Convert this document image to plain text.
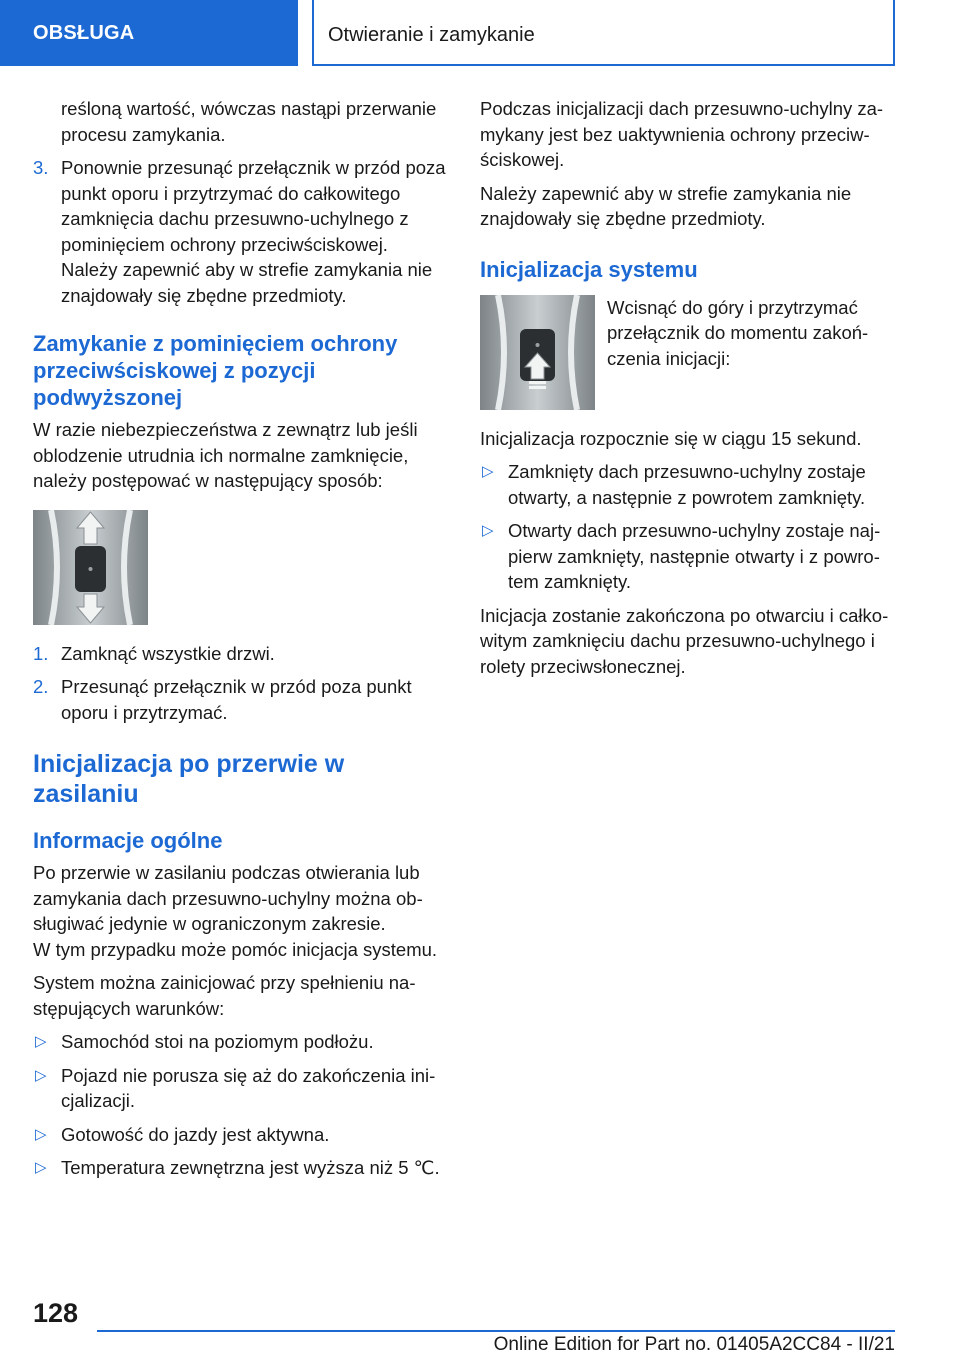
OBSŁUGA	Otwieranie i zamykanie

reśloną wartość, wówczas nastąpi przerwanie procesu zamykania.

3. Ponownie przesunąć przełącznik w przód poza punkt oporu i przytrzymać do całkowitego zamknięcia dachu przesuwno-uchylnego z pominięciem ochrony przeciwściskowej. Należy zapewnić aby w strefie zamykania nie znajdowały się zbędne przedmioty.
Zamykanie z pominięciem ochrony przeciwściskowej z pozycji podwyższonej

W razie niebezpieczeństwa z zewnątrz lub jeśli oblodzenie utrudnia ich normalne zamknięcie, należy postępować w następujący sposób:

1. Zamknąć wszystkie drzwi.
2. Przesunąć przełącznik w przód poza punkt oporu i przytrzymać.
Inicjalizacja po przerwie w zasilaniu
Informacje ogólne

Po przerwie w zasilaniu podczas otwierania lub zamykania dach przesuwno-uchylny można obsługiwać jedynie w ograniczonym zakresie.

W tym przypadku może pomóc inicjacja systemu.

System można zainicjować przy spełnieniu następujących warunków:

▷ Samochód stoi na poziomym podłożu.
▷ Pojazd nie porusza się aż do zakończenia inicjalizacji.
▷ Gotowość do jazdy jest aktywna.
▷ Temperatura zewnętrzna jest wyższa niż 5 ℃.

Podczas inicjalizacji dach przesuwno-uchylny zamykany jest bez uaktywnienia ochrony przeciwściskowej.

Należy zapewnić aby w strefie zamykania nie znajdowały się zbędne przedmioty.

Inicjalizacja systemu
Wcisnąć do góry i przytrzymać przełącznik do momentu zakończenia inicjacji:

Inicjalizacja rozpocznie się w ciągu 15 sekund.

▷ Zamknięty dach przesuwno-uchylny zostaje otwarty, a następnie z powrotem zamknięty.
▷ Otwarty dach przesuwno-uchylny zostaje najpierw zamknięty, następnie otwarty i z powrotem zamknięty.

Inicjacja zostanie zakończona po otwarciu i całkowitym zamknięciu dachu przesuwno-uchylnego i rolety przeciwsłonecznej.

128
Online Edition for Part no. 01405A2CC84 - II/21
